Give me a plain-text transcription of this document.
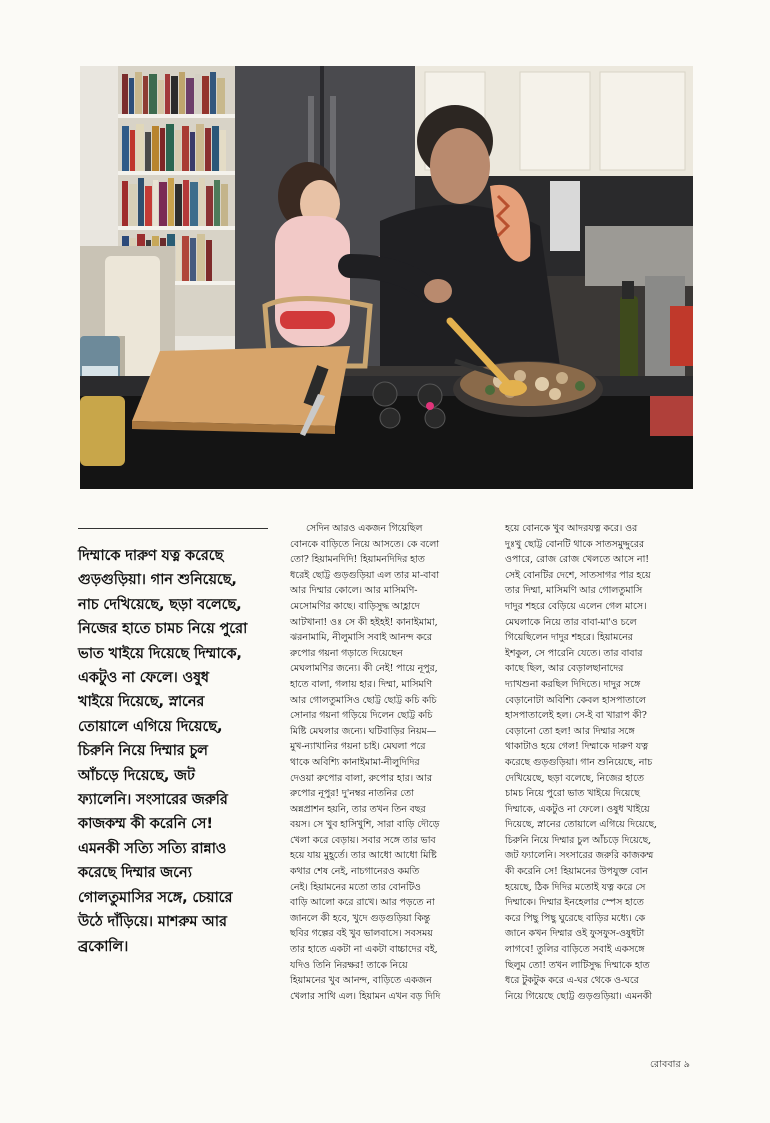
দিম্মাকে দারুণ যত্ন করেছে
গুড়গুড়িয়া। গান শুনিয়েছে,
নাচ দেখিয়েছে, ছড়া বলেছে,
নিজের হাতে চামচ নিয়ে পুরো
ভাত খাইয়ে দিয়েছে দিম্মাকে,
একটুও না ফেলে। ওষুধ
খাইয়ে দিয়েছে, স্নানের
তোয়ালে এগিয়ে দিয়েছে,
চিরুনি নিয়ে দিম্মার চুল
আঁচড়ে দিয়েছে, জট
ফ্যালেনি। সংসারের জরুরি
কাজকম্ম কী করেনি সে!
এমনকী সত্যি সত্যি রান্নাও
করেছে দিম্মার জন্যে
গোলতুমাসির সঙ্গে, চেয়ারে
উঠে দাঁড়িয়ে। মাশরুম আর
ব্রকোলি।
সেদিন আরও একজন গিয়েছিল
বোনকে বাড়িতে নিয়ে আসতে। কে বলো
তো? হিয়ামনদিদি! হিয়ামনদিদির হাত
ধরেই ছোট্ট গুড়গুড়িয়া এল তার মা-বাবা
আর দিম্মার কোলে। আর মাসিমণি-
মেসোমণির কাছে। বাড়িসুদ্ধ আহ্লাদে
আটখানা! ওঃ সে কী হইহই! কানাইমামা,
ঝরনামামি, নীলুমাসি সবাই আনন্দ করে
রুপোর গয়না গড়াতে দিয়েছেন
মেঘলামণির জন্যে। কী নেই! পায়ে নূপুর,
হাতে বালা, গলায় হার। দিম্মা, মাসিমণি
আর গোলতুমাসিও ছোট্ট ছোট্ট কচি কচি
সোনার গয়না গড়িয়ে দিলেন ছোট্ট কচি
মিষ্টি মেঘলার জন্যে। ঘটিবাড়ির নিয়ম—
মুখ-ন্যাখানির গয়না চাই। মেঘলা পরে
থাকে অবিশ্যি কানাইমামা-নীলুদিদির
দেওয়া রুপোর বালা, রুপোর হার। আর
রুপোর নূপুর! দু'নম্বর নাতনির তো
অন্নপ্রাশন হয়নি, তার তখন তিন বছর
বয়স। সে খুব হাসিখুশি, সারা বাড়ি দৌড়ে
খেলা করে বেড়ায়। সবার সঙ্গে তার ভাব
হয়ে যায় মুহূর্তে। তার আধো আধো মিষ্টি
কথার শেষ নেই, নাচগানেরও কমতি
নেই। হিয়ামনের মতো তার বোনটিও
বাড়ি আলো করে রাখে। আর পড়তে না
জানলে কী হবে, খুদে গুড়গুড়িয়া কিন্তু
ছবির গল্পের বই খুব ভালবাসে। সবসময়
তার হাতে একটা না একটা বাচ্চাদের বই,
যদিও তিনি নিরক্ষর! তাকে নিয়ে
হিয়ামনের খুব আনন্দ, বাড়িতে একজন
খেলার সাথি এল। হিয়ামন এখন বড় দিদি
হয়ে বোনকে খুব আদরযত্ন করে। ওর
দুঃখু ছোট্ট বোনটি থাকে সাতসমুদ্দুরের
ওপারে, রোজ রোজ খেলতে আসে না!
সেই বোনটির দেশে, সাতসাগর পার হয়ে
তার দিম্মা, মাসিমণি আর গোলতুমাসি
দাদুর শহরে বেড়িয়ে এলেন গেল মাসে।
মেঘলাকে নিয়ে তার বাবা-মা'ও চলে
গিয়েছিলেন দাদুর শহরে। হিয়ামনের
ইশকুল, সে পারেনি যেতে। তার বাবার
কাছে ছিল, আর বেড়ালছানাদের
দ্যাখশুনা করছিল দিদিতে। দাদুর সঙ্গে
বেড়ানোটা অবিশ্যি কেবল হাসপাতালে
হাসপাতালেই হল। সে-ই বা খারাপ কী?
বেড়ানো তো হল! আর দিম্মার সঙ্গে
থাকাটাও হয়ে গেল! দিম্মাকে দারুণ যত্ন
করেছে গুড়গুড়িয়া। গান শুনিয়েছে, নাচ
দেখিয়েছে, ছড়া বলেছে, নিজের হাতে
চামচ নিয়ে পুরো ভাত খাইয়ে দিয়েছে
দিম্মাকে, একটুও না ফেলে। ওষুধ খাইয়ে
দিয়েছে, স্নানের তোয়ালে এগিয়ে দিয়েছে,
চিরুনি নিয়ে দিম্মার চুল আঁচড়ে দিয়েছে,
জট ফ্যালেনি। সংসারের জরুরি কাজকম্ম
কী করেনি সে! হিয়ামনের উপযুক্ত বোন
হয়েছে, ঠিক দিদির মতোই যত্ন করে সে
দিম্মাকে। দিম্মার ইনহেলার স্পেস হাতে
করে পিছু পিছু ঘুরেছে বাড়ির মধ্যে। কে
জানে কখন দিম্মার ওই ফুসফুস-ওষুধটা
লাগবে! তুলির বাড়িতে সবাই একসঙ্গে
ছিলুম তো! তখন লাটিসুদ্ধ দিম্মাকে হাত
ধরে টুকটুক করে এ-ঘর থেকে ও-ঘরে
নিয়ে গিয়েছে ছোট্ট গুড়গুড়িয়া। এমনকী
রোববার ৯
